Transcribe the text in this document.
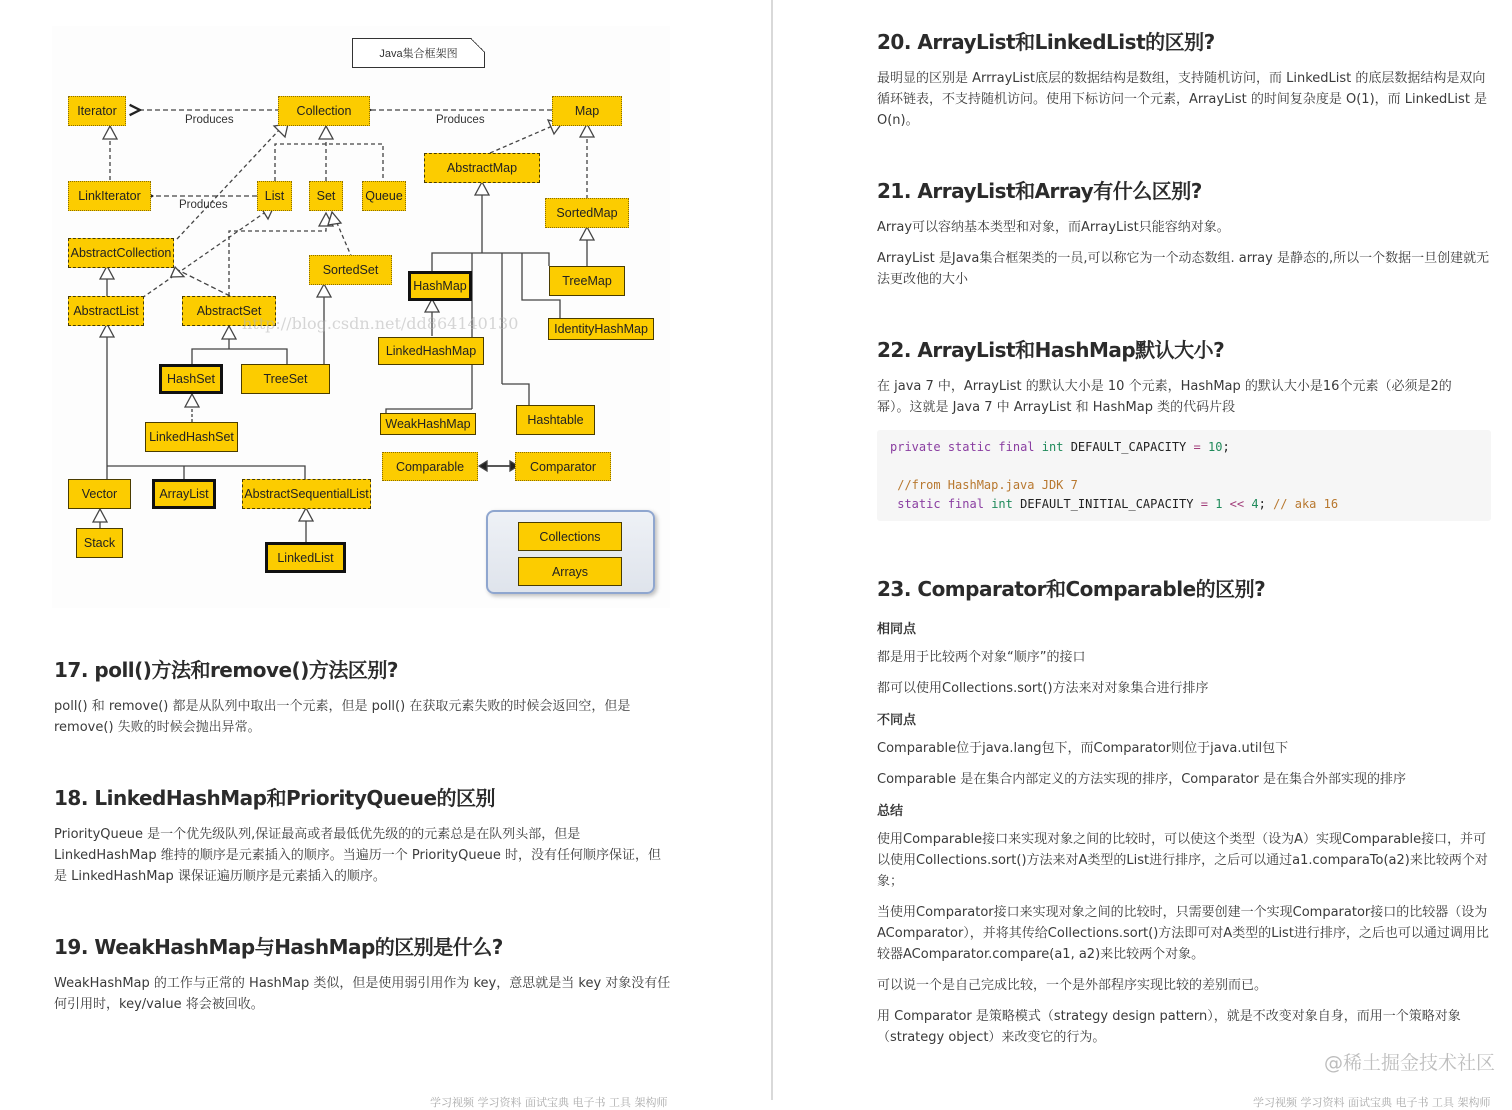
Java集合框架图
Produces	Produces
Produces
Iterator	Collection	Map
LinkIterator	List	Set	Queue
AbstractMap
SortedMap
AbstractCollection
SortedSet
HashMap	TreeMap
AbstractList	AbstractSet
IdentityHashMap
LinkedHashMap
HashSet	TreeSet
WeakHashMap	Hashtable
LinkedHashSet
Comparable	Comparator
Vector	ArrayList	AbstractSequentialList
Stack
LinkedList
Collections
Arrays
http://blog.csdn.net/dd864140130
17. poll()方法和remove()方法区别?
poll() 和 remove() 都是从队列中取出一个元素，但是 poll() 在获取元素失败的时候会返回空，但是 remove() 失败的时候会抛出异常。
18. LinkedHashMap和PriorityQueue的区别
PriorityQueue 是一个优先级队列,保证最高或者最低优先级的的元素总是在队列头部，但是 LinkedHashMap 维持的顺序是元素插入的顺序。当遍历一个 PriorityQueue 时，没有任何顺序保证，但是 LinkedHashMap 课保证遍历顺序是元素插入的顺序。
19. WeakHashMap与HashMap的区别是什么?
WeakHashMap 的工作与正常的 HashMap 类似，但是使用弱引用作为 key，意思就是当 key 对象没有任何引用时，key/value 将会被回收。
学习视频 学习资料 面试宝典 电子书 工具 架构师
20. ArrayList和LinkedList的区别?
最明显的区别是 ArrrayList底层的数据结构是数组，支持随机访问，而 LinkedList 的底层数据结构是双向循环链表，不支持随机访问。使用下标访问一个元素，ArrayList 的时间复杂度是 O(1)，而 LinkedList 是 O(n)。
21. ArrayList和Array有什么区别?
Array可以容纳基本类型和对象，而ArrayList只能容纳对象。
ArrayList 是Java集合框架类的一员,可以称它为一个动态数组. array 是静态的,所以一个数据一旦创建就无法更改他的大小
22. ArrayList和HashMap默认大小?
在 java 7 中，ArrayList 的默认大小是 10 个元素，HashMap 的默认大小是16个元素（必须是2的幂）。这就是 Java 7 中 ArrayList 和 HashMap 类的代码片段
private static final int DEFAULT_CAPACITY = 10;

//from HashMap.java JDK 7
static final int DEFAULT_INITIAL_CAPACITY = 1 << 4; // aka 16
23. Comparator和Comparable的区别?
相同点
都是用于比较两个对象“顺序”的接口
都可以使用Collections.sort()方法来对对象集合进行排序
不同点
Comparable位于java.lang包下，而Comparator则位于java.util包下
Comparable 是在集合内部定义的方法实现的排序，Comparator 是在集合外部实现的排序
总结
使用Comparable接口来实现对象之间的比较时，可以使这个类型（设为A）实现Comparable接口，并可以使用Collections.sort()方法来对A类型的List进行排序，之后可以通过a1.comparaTo(a2)来比较两个对象；
当使用Comparator接口来实现对象之间的比较时，只需要创建一个实现Comparator接口的比较器（设为AComparator），并将其传给Collections.sort()方法即可对A类型的List进行排序，之后也可以通过调用比较器AComparator.compare(a1, a2)来比较两个对象。
可以说一个是自己完成比较，一个是外部程序实现比较的差别而已。
用 Comparator 是策略模式（strategy design pattern），就是不改变对象自身，而用一个策略对象（strategy object）来改变它的行为。
@稀土掘金技术社区
学习视频 学习资料 面试宝典 电子书 工具 架构师
